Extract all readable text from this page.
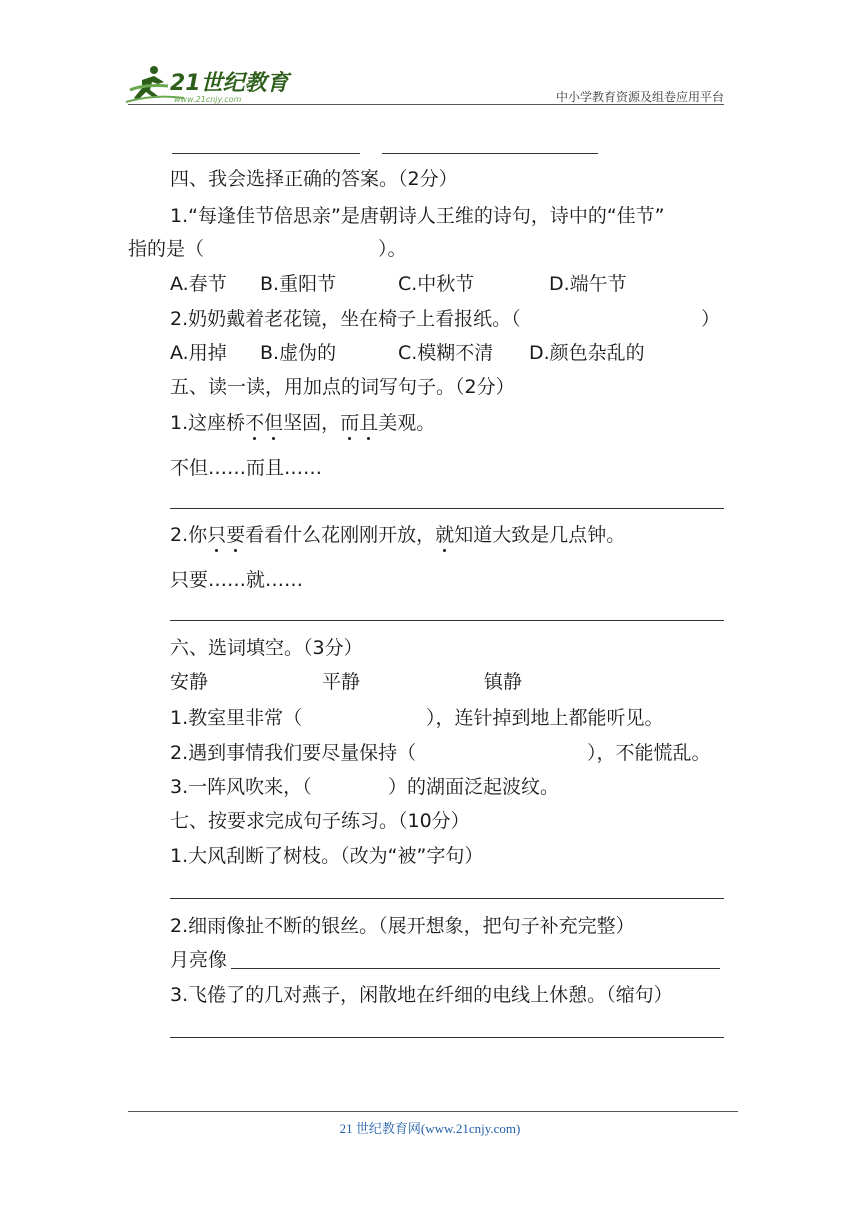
21世纪教育
www.21cnjy.com	中小学教育资源及组卷应用平台
四、我会选择正确的答案。（2分）
1.“每逢佳节倍思亲”是唐朝诗人王维的诗句，诗中的“佳节”
指的是（	）。
A.春节 B.重阳节	C.中秋节	D.端午节
2.奶奶戴着老花镜，坐在椅子上看报纸。（	）
A.用掉 B.虚伪的	C.模糊不清 D.颜色杂乱的
五、读一读，用加点的词写句子。（2分）
1.这座桥不但坚固，而且美观。
不但……而且……
2.你只要看看什么花刚刚开放，就知道大致是几点钟。
只要……就……
六、选词填空。（3分）
安静	平静	镇静
1.教室里非常（	），连针掉到地上都能听见。
2.遇到事情我们要尽量保持（	），不能慌乱。
3.一阵风吹来，（	）的湖面泛起波纹。
七、按要求完成句子练习。（10分）
1.大风刮断了树枝。（改为“被”字句）
2.细雨像扯不断的银丝。（展开想象，把句子补充完整）
月亮像
3.飞倦了的几对燕子，闲散地在纤细的电线上休憩。（缩句）
21 世纪教育网(www.21cnjy.com)
